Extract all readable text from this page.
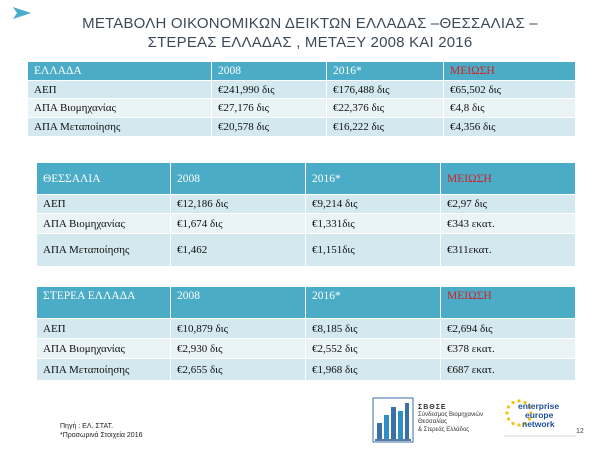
ΜΕΤΑΒΟΛΗ ΟΙΚΟΝΟΜΙΚΩΝ ΔΕΙΚΤΩΝ ΕΛΛΑΔΑΣ –ΘΕΣΣΑΛΙΑΣ –
ΣΤΕΡΕΑΣ ΕΛΛΑΔΑΣ , ΜΕΤΑΞΥ 2008 ΚΑΙ 2016
ΕΛΛΑΔΑ	2008	2016*	ΜΕΙΩΣΗ
ΑΕΠ	€241,990 δις	€176,488 δις	€65,502 δις
ΑΠΑ Βιομηχανίας	€27,176 δις	€22,376 δις	€4,8 δις
ΑΠΑ Μεταποίησης	€20,578 δις	€16,222 δις	€4,356 δις
ΘΕΣΣΑΛΙΑ	2008	2016*	ΜΕΙΩΣΗ
ΑΕΠ	€12,186 δις	€9,214 δις	€2,97 δις
ΑΠΑ Βιομηχανίας	€1,674 δις	€1,331δις	€343 εκατ.
ΑΠΑ Μεταποίησης	€1,462	€1,151δις	€311εκατ.
ΣΤΕΡΕΑ ΕΛΛΑΔΑ	2008	2016*	ΜΕΙΩΣΗ
ΑΕΠ	€10,879 δις	€8,185 δις	€2,694 δις
ΑΠΑ Βιομηχανίας	€2,930 δις	€2,552 δις	€378 εκατ.
ΑΠΑ Μεταποίησης	€2,655 δις	€1,968 δις	€687 εκατ.
Πηγή : ΕΛ. ΣΤΑΤ.
*Προσωρινά Στοιχεία 2016
ΣΒΘΣΕ
Σύνδεσμος Βιομηχανιών
Θεσσαλίας
& Στερεάς Ελλάδος
enterprise
europe
network
12
